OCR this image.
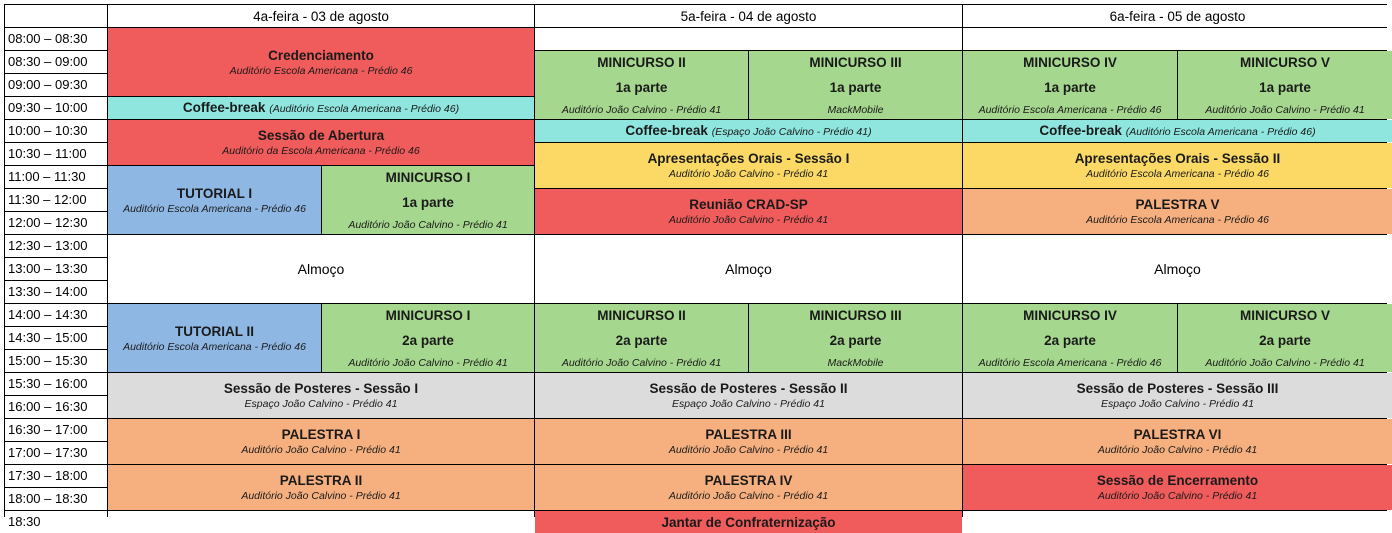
4a-feira - 03 de agosto	5a-feira - 04 de agosto	6a-feira - 05 de agosto
08:00 – 08:30
08:30 – 09:00
09:00 – 09:30
09:30 – 10:00
10:00 – 10:30
10:30 – 11:00
11:00 – 11:30
11:30 – 12:00
12:00 – 12:30
12:30 – 13:00
13:00 – 13:30
13:30 – 14:00
14:00 – 14:30
14:30 – 15:00
15:00 – 15:30
15:30 – 16:00
16:00 – 16:30
16:30 – 17:00
17:00 – 17:30
17:30 – 18:00
18:00 – 18:30
18:30
Credenciamento
Auditório Escola Americana - Prédio 46
Coffee-break (Auditório Escola Americana - Prédio 46)
Sessão de Abertura
Auditório da Escola Americana - Prédio 46
TUTORIAL I
Auditório Escola Americana - Prédio 46
MINICURSO I
1a parte
Auditório João Calvino - Prédio 41
Almoço
TUTORIAL II
Auditório Escola Americana - Prédio 46
MINICURSO I
2a parte
Auditório João Calvino - Prédio 41
Sessão de Posteres - Sessão I
Espaço João Calvino - Prédio 41
PALESTRA I
Auditório João Calvino - Prédio 41
PALESTRA II
Auditório João Calvino - Prédio 41
MINICURSO II
1a parte
Auditório João Calvino - Prédio 41
MINICURSO III
1a parte
MackMobile
Coffee-break (Espaço João Calvino - Prédio 41)
Apresentações Orais - Sessão I
Auditório João Calvino - Prédio 41
Reunião CRAD-SP
Auditório João Calvino - Prédio 41
Almoço
MINICURSO II
2a parte
Auditório João Calvino - Prédio 41
MINICURSO III
2a parte
MackMobile
Sessão de Posteres - Sessão II
Espaço João Calvino - Prédio 41
PALESTRA III
Auditório João Calvino - Prédio 41
PALESTRA IV
Auditório João Calvino - Prédio 41
Jantar de Confraternização
MINICURSO IV
1a parte
Auditório Escola Americana - Prédio 46
MINICURSO V
1a parte
Auditório João Calvino - Prédio 41
Coffee-break (Auditório Escola Americana - Prédio 46)
Apresentações Orais - Sessão II
Auditório Escola Americana - Prédio 46
PALESTRA V
Auditório Escola Americana - Prédio 46
Almoço
MINICURSO IV
2a parte
Auditório Escola Americana - Prédio 46
MINICURSO V
2a parte
Auditório João Calvino - Prédio 41
Sessão de Posteres - Sessão III
Espaço João Calvino - Prédio 41
PALESTRA VI
Auditório João Calvino - Prédio 41
Sessão de Encerramento
Auditório João Calvino - Prédio 41
